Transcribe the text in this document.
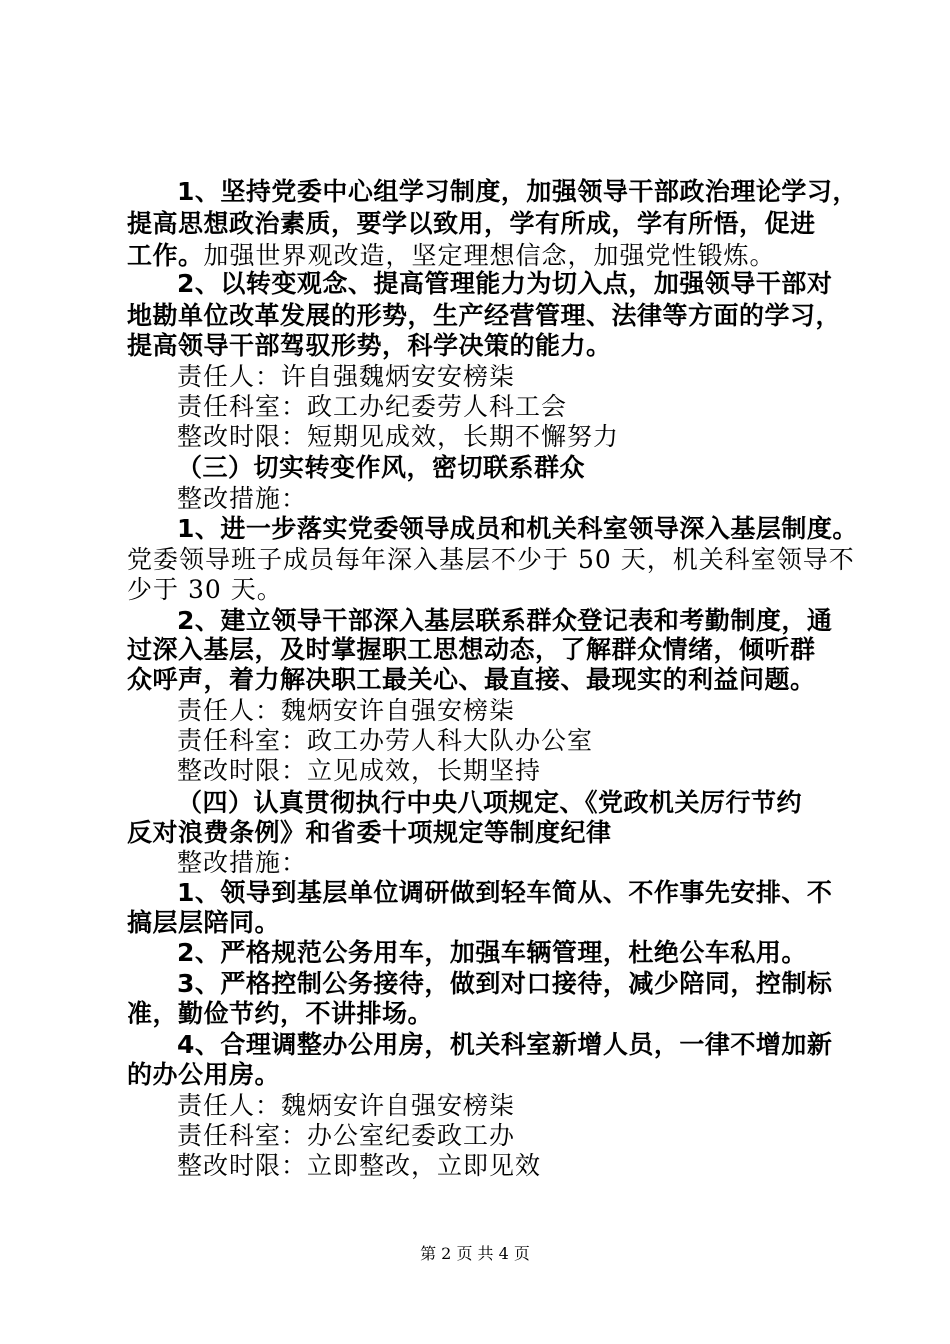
1、坚持党委中心组学习制度，加强领导干部政治理论学习，
提高思想政治素质，要学以致用，学有所成，学有所悟，促进
工作。加强世界观改造，坚定理想信念，加强党性锻炼。
2、以转变观念、提高管理能力为切入点，加强领导干部对
地勘单位改革发展的形势，生产经营管理、法律等方面的学习，
提高领导干部驾驭形势，科学决策的能力。
责任人：许自强魏炳安安榜柒
责任科室：政工办纪委劳人科工会
整改时限：短期见成效，长期不懈努力
（三）切实转变作风，密切联系群众
整改措施：
1、进一步落实党委领导成员和机关科室领导深入基层制度。
党委领导班子成员每年深入基层不少于 50 天，机关科室领导不
少于 30 天。
2、建立领导干部深入基层联系群众登记表和考勤制度，通
过深入基层，及时掌握职工思想动态，了解群众情绪，倾听群
众呼声，着力解决职工最关心、最直接、最现实的利益问题。
责任人：魏炳安许自强安榜柒
责任科室：政工办劳人科大队办公室
整改时限：立见成效，长期坚持
（四）认真贯彻执行中央八项规定、《党政机关厉行节约
反对浪费条例》和省委十项规定等制度纪律
整改措施：
1、领导到基层单位调研做到轻车简从、不作事先安排、不
搞层层陪同。
2、严格规范公务用车，加强车辆管理，杜绝公车私用。
3、严格控制公务接待，做到对口接待，减少陪同，控制标
准，勤俭节约，不讲排场。
4、合理调整办公用房，机关科室新增人员，一律不增加新
的办公用房。
责任人：魏炳安许自强安榜柒
责任科室：办公室纪委政工办
整改时限：立即整改，立即见效
第 2 页 共 4 页
